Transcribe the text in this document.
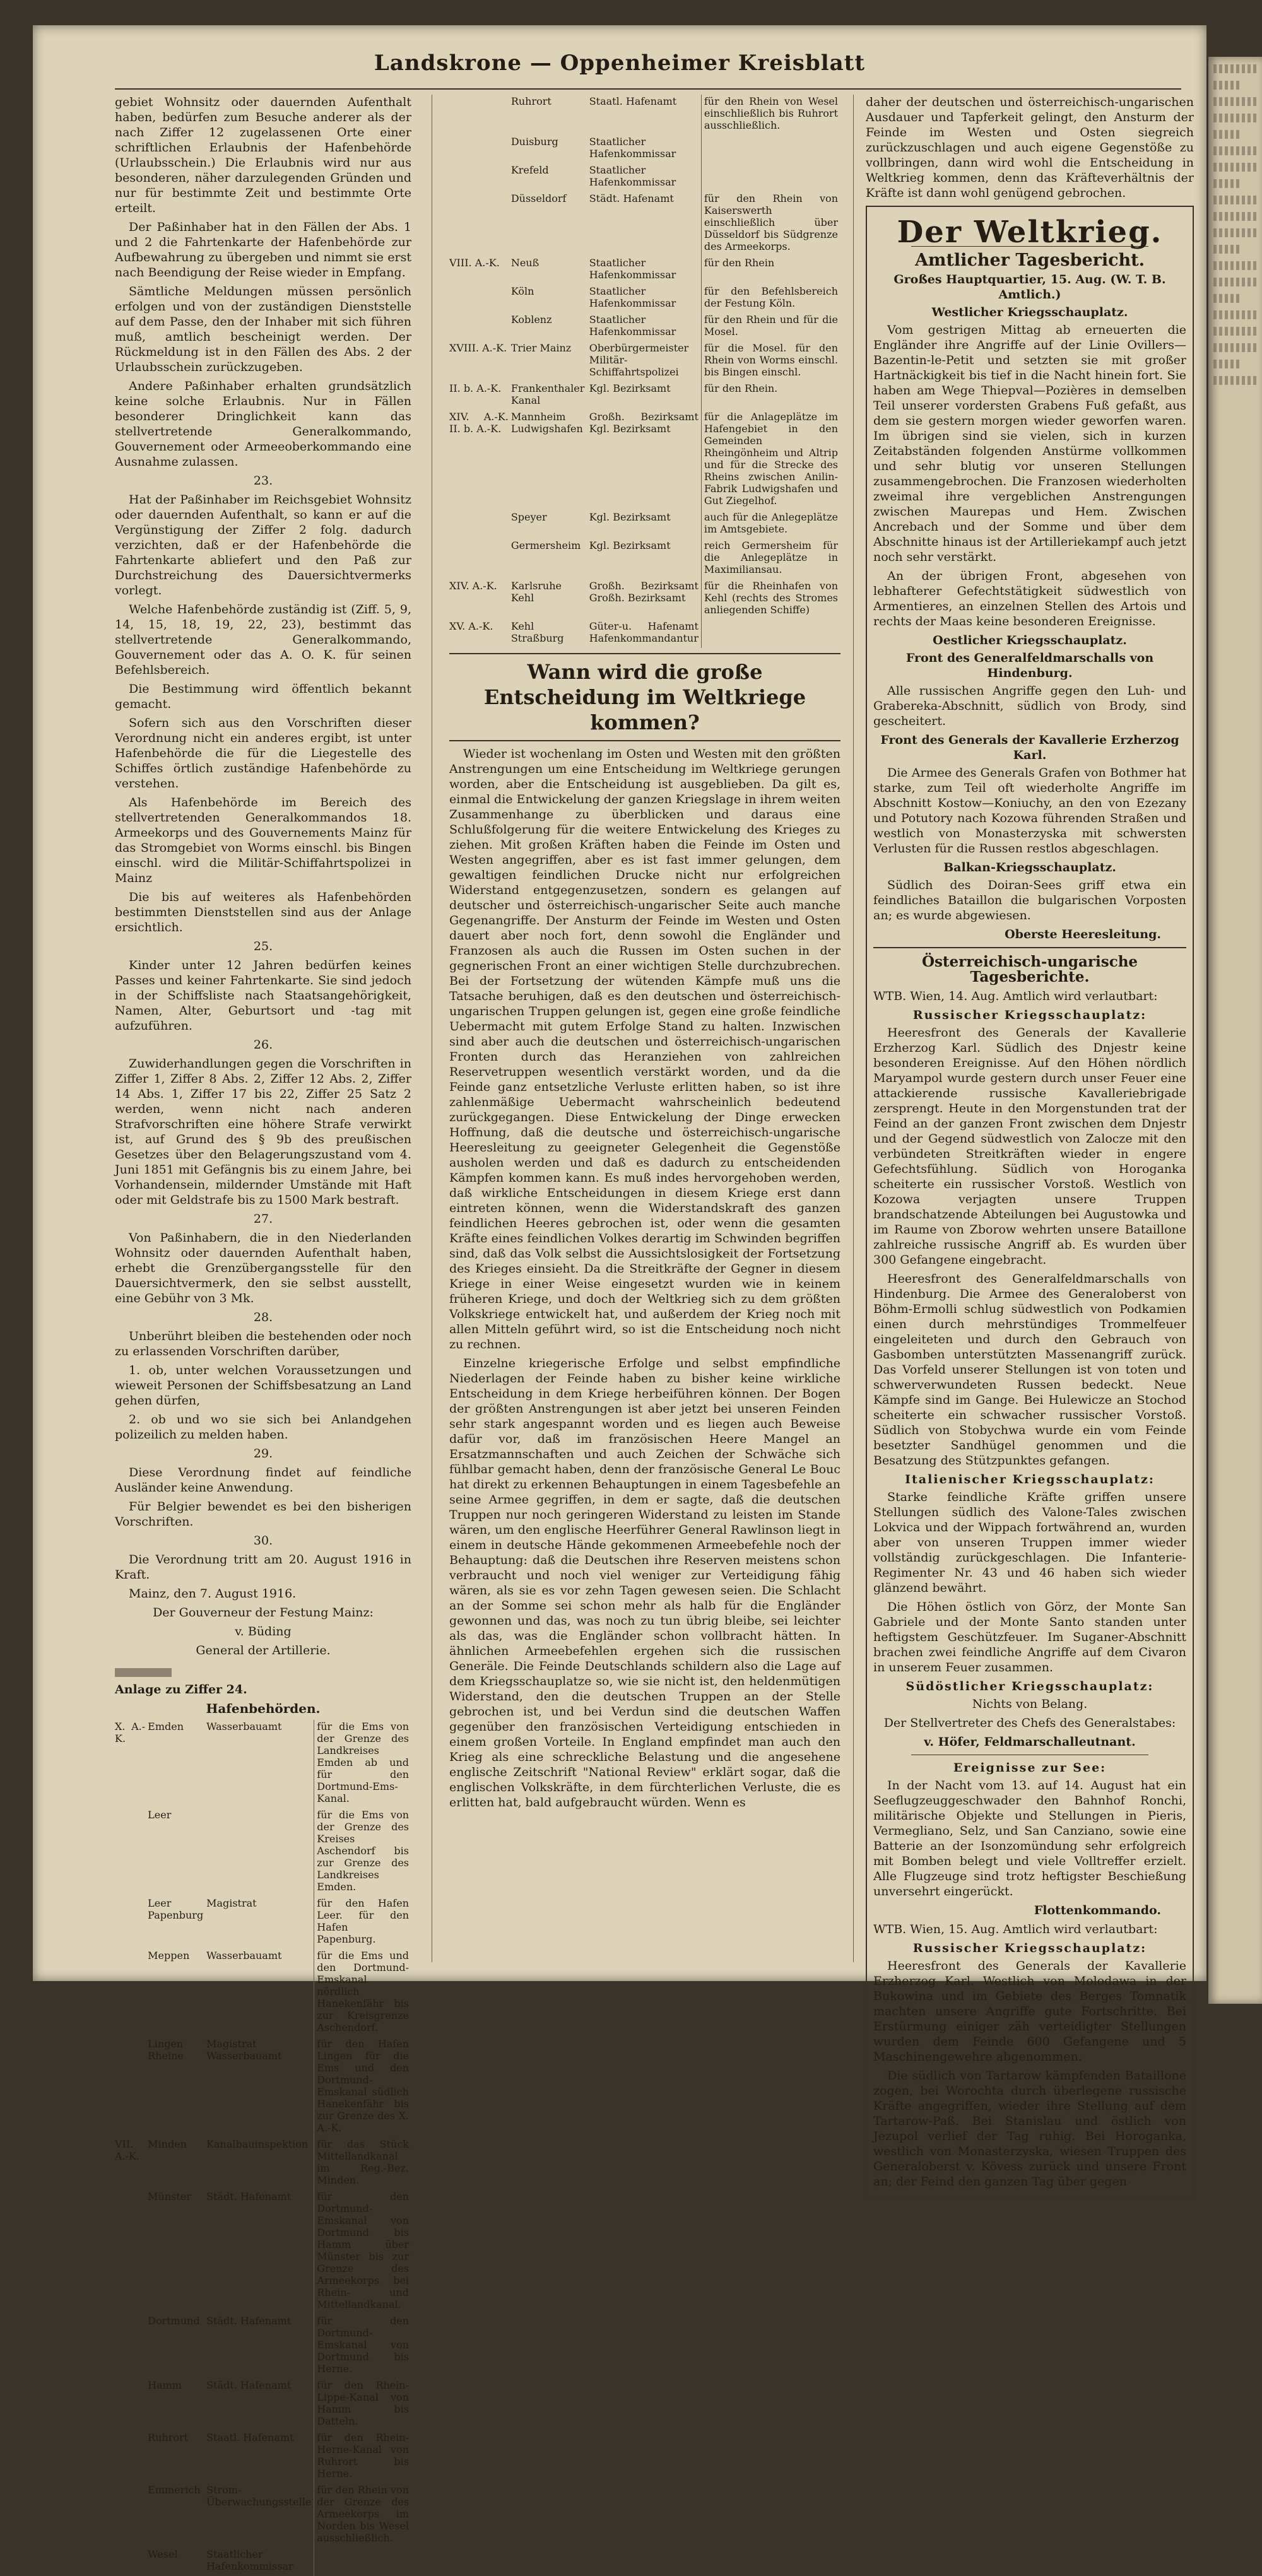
Landskrone — Oppenheimer Kreisblatt

gebiet Wohnsitz oder dauernden Aufenthalt haben, bedürfen zum Besuche anderer als der nach Ziffer 12 zugelassenen Orte einer schriftlichen Erlaubnis der Hafenbehörde (Urlaubsschein.) Die Erlaubnis wird nur aus besonderen, näher darzulegenden Gründen und nur für bestimmte Zeit und bestimmte Orte erteilt.

Der Paßinhaber hat in den Fällen der Abs. 1 und 2 die Fahrtenkarte der Hafenbehörde zur Aufbewahrung zu übergeben und nimmt sie erst nach Beendigung der Reise wieder in Empfang.

Sämtliche Meldungen müssen persönlich erfolgen und von der zuständigen Dienststelle auf dem Passe, den der Inhaber mit sich führen muß, amtlich bescheinigt werden. Der Rückmeldung ist in den Fällen des Abs. 2 der Urlaubsschein zurückzugeben.

Andere Paßinhaber erhalten grundsätzlich keine solche Erlaubnis. Nur in Fällen besonderer Dringlichkeit kann das stellvertretende Generalkommando, Gouvernement oder Armeeoberkommando eine Ausnahme zulassen.

23.

Hat der Paßinhaber im Reichsgebiet Wohnsitz oder dauernden Aufenthalt, so kann er auf die Vergünstigung der Ziffer 2 folg. dadurch verzichten, daß er der Hafenbehörde die Fahrtenkarte abliefert und den Paß zur Durchstreichung des Dauersichtvermerks vorlegt.

Welche Hafenbehörde zuständig ist (Ziff. 5, 9, 14, 15, 18, 19, 22, 23), bestimmt das stellvertretende Generalkommando, Gouvernement oder das A. O. K. für seinen Befehlsbereich.

Die Bestimmung wird öffentlich bekannt gemacht.

Sofern sich aus den Vorschriften dieser Verordnung nicht ein anderes ergibt, ist unter Hafenbehörde die für die Liegestelle des Schiffes örtlich zuständige Hafenbehörde zu verstehen.

Als Hafenbehörde im Bereich des stellvertretenden Generalkommandos 18. Armeekorps und des Gouvernements Mainz für das Stromgebiet von Worms einschl. bis Bingen einschl. wird die Militär-Schiffahrtspolizei in Mainz

Die bis auf weiteres als Hafenbehörden bestimmten Dienststellen sind aus der Anlage ersichtlich.

25.

Kinder unter 12 Jahren bedürfen keines Passes und keiner Fahrtenkarte. Sie sind jedoch in der Schiffsliste nach Staatsangehörigkeit, Namen, Alter, Geburtsort und -tag mit aufzuführen.

26.

Zuwiderhandlungen gegen die Vorschriften in Ziffer 1, Ziffer 8 Abs. 2, Ziffer 12 Abs. 2, Ziffer 14 Abs. 1, Ziffer 17 bis 22, Ziffer 25 Satz 2 werden, wenn nicht nach anderen Strafvorschriften eine höhere Strafe verwirkt ist, auf Grund des § 9b des preußischen Gesetzes über den Belagerungszustand vom 4. Juni 1851 mit Gefängnis bis zu einem Jahre, bei Vorhandensein, mildernder Umstände mit Haft oder mit Geldstrafe bis zu 1500 Mark bestraft.

27.

Von Paßinhabern, die in den Niederlanden Wohnsitz oder dauernden Aufenthalt haben, erhebt die Grenzübergangsstelle für den Dauersichtvermerk, den sie selbst ausstellt, eine Gebühr von 3 Mk.

28.

Unberührt bleiben die bestehenden oder noch zu erlassenden Vorschriften darüber,

1. ob, unter welchen Voraussetzungen und wieweit Personen der Schiffsbesatzung an Land gehen dürfen,

2. ob und wo sie sich bei Anlandgehen polizeilich zu melden haben.

29.

Diese Verordnung findet auf feindliche Ausländer keine Anwendung.

Für Belgier bewendet es bei den bisherigen Vorschriften.

30.

Die Verordnung tritt am 20. August 1916 in Kraft.

Mainz, den 7. August 1916.

Der Gouverneur der Festung Mainz:

v. Büding

General der Artillerie.

Anlage zu Ziffer 24.
Hafenbehörden.
X. A.-K.	Emden	Wasserbauamt	für die Ems von der Grenze des Landkreises Emden ab und für den Dortmund-Ems-Kanal.
	Leer		für die Ems von der Grenze des Kreises Aschendorf bis zur Grenze des Landkreises Emden.
	Leer Papenburg	Magistrat	für den Hafen Leer. für den Hafen Papenburg.
	Meppen	Wasserbauamt	für die Ems und den Dortmund-Emskanal nördlich Hanekenfähr bis zur Kreisgrenze Aschendorf.
	Lingen Rheine	Magistrat Wasserbauamt	für den Hafen Lingen für die Ems und den Dortmund-Emskanal südlich Hanekenfähr bis zur Grenze des X. A.-K.
VII. A.-K.	Minden	Kanalbauinspektion	für das Stück Mittellandkanal im Reg.-Bez. Minden.
	Münster	Städt. Hafenamt	für den Dortmund-Emskanal von Dortmund bis Hamm über Münster bis zur Grenze des Armeekorps bei Rhein- und Mittellandkanal.
	Dortmund	Städt. Hafenamt	für den Dortmund-Emskanal von Dortmund bis Herne.
	Hamm	Städt. Hafenamt	für den Rhein-Lippe-Kanal von Hamm bis Datteln.
	Ruhrort	Staatl. Hafenamt	für den Rhein-Herne-Kanal von Ruhrort bis Herne.
	Emmerich	Strom-Überwachungsstelle	für den Rhein von der Grenze des Armeekorps im Norden bis Wesel ausschließlich.
	Wesel	Staatlicher Hafenkommissar	
	Ruhrort	Staatl. Hafenamt	für den Rhein von Wesel einschließlich bis Ruhrort ausschließlich.
	Duisburg	Staatlicher Hafenkommissar	
	Krefeld	Staatlicher Hafenkommissar	
	Düsseldorf	Städt. Hafenamt	für den Rhein von Kaiserswerth einschließlich über Düsseldorf bis Südgrenze des Armeekorps.
VIII. A.-K.	Neuß	Staatlicher Hafenkommissar	für den Rhein
	Köln	Staatlicher Hafenkommissar	für den Befehlsbereich der Festung Köln.
	Koblenz	Staatlicher Hafenkommissar	für den Rhein und für die Mosel.
XVIII. A.-K.	Trier Mainz	Oberbürgermeister Militär-Schiffahrtspolizei	für die Mosel. für den Rhein von Worms einschl. bis Bingen einschl.
II. b. A.-K.	Frankenthaler Kanal	Kgl. Bezirksamt	für den Rhein.
XIV. A.-K. II. b. A.-K.	Mannheim Ludwigshafen	Großh. Bezirksamt Kgl. Bezirksamt	für die Anlageplätze im Hafengebiet in den Gemeinden Rheingönheim und Altrip und für die Strecke des Rheins zwischen Anilin-Fabrik Ludwigshafen und Gut Ziegelhof.
	Speyer	Kgl. Bezirksamt	auch für die Anlegeplätze im Amtsgebiete.
	Germersheim	Kgl. Bezirksamt	reich Germersheim für die Anlegeplätze in Maximiliansau.
XIV. A.-K.	Karlsruhe Kehl	Großh. Bezirksamt Großh. Bezirksamt	für die Rheinhafen von Kehl (rechts des Stromes anliegenden Schiffe)
XV. A.-K.	Kehl Straßburg	Güter-u. Hafenamt Hafenkommandantur	
Wann wird die große Entscheidung im Weltkriege kommen?

Wieder ist wochenlang im Osten und Westen mit den größten Anstrengungen um eine Entscheidung im Weltkriege gerungen worden, aber die Entscheidung ist ausgeblieben. Da gilt es, einmal die Entwickelung der ganzen Kriegslage in ihrem weiten Zusammenhange zu überblicken und daraus eine Schlußfolgerung für die weitere Entwickelung des Krieges zu ziehen. Mit großen Kräften haben die Feinde im Osten und Westen angegriffen, aber es ist fast immer gelungen, dem gewaltigen feindlichen Drucke nicht nur erfolgreichen Widerstand entgegenzusetzen, sondern es gelangen auf deutscher und österreichisch-ungarischer Seite auch manche Gegenangriffe. Der Ansturm der Feinde im Westen und Osten dauert aber noch fort, denn sowohl die Engländer und Franzosen als auch die Russen im Osten suchen in der gegnerischen Front an einer wichtigen Stelle durchzubrechen. Bei der Fortsetzung der wütenden Kämpfe muß uns die Tatsache beruhigen, daß es den deutschen und österreichisch-ungarischen Truppen gelungen ist, gegen eine große feindliche Uebermacht mit gutem Erfolge Stand zu halten. Inzwischen sind aber auch die deutschen und österreichisch-ungarischen Fronten durch das Heranziehen von zahlreichen Reservetruppen wesentlich verstärkt worden, und da die Feinde ganz entsetzliche Verluste erlitten haben, so ist ihre zahlenmäßige Uebermacht wahrscheinlich bedeutend zurückgegangen. Diese Entwickelung der Dinge erwecken Hoffnung, daß die deutsche und österreichisch-ungarische Heeresleitung zu geeigneter Gelegenheit die Gegenstöße ausholen werden und daß es dadurch zu entscheidenden Kämpfen kommen kann. Es muß indes hervorgehoben werden, daß wirkliche Entscheidungen in diesem Kriege erst dann eintreten können, wenn die Widerstandskraft des ganzen feindlichen Heeres gebrochen ist, oder wenn die gesamten Kräfte eines feindlichen Volkes derartig im Schwinden begriffen sind, daß das Volk selbst die Aussichtslosigkeit der Fortsetzung des Krieges einsieht. Da die Streitkräfte der Gegner in diesem Kriege in einer Weise eingesetzt wurden wie in keinem früheren Kriege, und doch der Weltkrieg sich zu dem größten Volkskriege entwickelt hat, und außerdem der Krieg noch mit allen Mitteln geführt wird, so ist die Entscheidung noch nicht zu rechnen.

Einzelne kriegerische Erfolge und selbst empfindliche Niederlagen der Feinde haben zu bisher keine wirkliche Entscheidung in dem Kriege herbeiführen können. Der Bogen der größten Anstrengungen ist aber jetzt bei unseren Feinden sehr stark angespannt worden und es liegen auch Beweise dafür vor, daß im französischen Heere Mangel an Ersatzmannschaften und auch Zeichen der Schwäche sich fühlbar gemacht haben, denn der französische General Le Bouc hat direkt zu erkennen Behauptungen in einem Tagesbefehle an seine Armee gegriffen, in dem er sagte, daß die deutschen Truppen nur noch geringeren Widerstand zu leisten im Stande wären, um den englische Heerführer General Rawlinson liegt in einem in deutsche Hände gekommenen Armeebefehle noch der Behauptung: daß die Deutschen ihre Reserven meistens schon verbraucht und noch viel weniger zur Verteidigung fähig wären, als sie es vor zehn Tagen gewesen seien. Die Schlacht an der Somme sei schon mehr als halb für die Engländer gewonnen und das, was noch zu tun übrig bleibe, sei leichter als das, was die Engländer schon vollbracht hätten. In ähnlichen Armeebefehlen ergehen sich die russischen Generäle. Die Feinde Deutschlands schildern also die Lage auf dem Kriegsschauplatze so, wie sie nicht ist, den heldenmütigen Widerstand, den die deutschen Truppen an der Stelle gebrochen ist, und bei Verdun sind die deutschen Waffen gegenüber den französischen Verteidigung entschieden in einem großen Vorteile. In England empfindet man auch den Krieg als eine schreckliche Belastung und die angesehene englische Zeitschrift "National Review" erklärt sogar, daß die englischen Volkskräfte, in dem fürchterlichen Verluste, die es erlitten hat, bald aufgebraucht würden. Wenn es

daher der deutschen und österreichisch-ungarischen Ausdauer und Tapferkeit gelingt, den Ansturm der Feinde im Westen und Osten siegreich zurückzuschlagen und auch eigene Gegenstöße zu vollbringen, dann wird wohl die Entscheidung in Weltkrieg kommen, denn das Kräfteverhältnis der Kräfte ist dann wohl genügend gebrochen.

Der Weltkrieg.
Amtlicher Tagesbericht.
Großes Hauptquartier, 15. Aug. (W. T. B. Amtlich.)
Westlicher Kriegsschauplatz.

Vom gestrigen Mittag ab erneuerten die Engländer ihre Angriffe auf der Linie Ovillers—Bazentin-le-Petit und setzten sie mit großer Hartnäckigkeit bis tief in die Nacht hinein fort. Sie haben am Wege Thiepval—Pozières in demselben Teil unserer vordersten Grabens Fuß gefaßt, aus dem sie gestern morgen wieder geworfen waren. Im übrigen sind sie vielen, sich in kurzen Zeitabständen folgenden Anstürme vollkommen und sehr blutig vor unseren Stellungen zusammengebrochen. Die Franzosen wiederholten zweimal ihre vergeblichen Anstrengungen zwischen Maurepas und Hem. Zwischen Ancrebach und der Somme und über dem Abschnitte hinaus ist der Artilleriekampf auch jetzt noch sehr verstärkt.

An der übrigen Front, abgesehen von lebhafterer Gefechtstätigkeit südwestlich von Armentieres, an einzelnen Stellen des Artois und rechts der Maas keine besonderen Ereignisse.

Oestlicher Kriegsschauplatz.
Front des Generalfeldmarschalls von Hindenburg.

Alle russischen Angriffe gegen den Luh- und Grabereka-Abschnitt, südlich von Brody, sind gescheitert.

Front des Generals der Kavallerie Erzherzog Karl.

Die Armee des Generals Grafen von Bothmer hat starke, zum Teil oft wiederholte Angriffe im Abschnitt Kostow—Koniuchy, an den von Ezezany und Potutory nach Kozowa führenden Straßen und westlich von Monasterzyska mit schwersten Verlusten für die Russen restlos abgeschlagen.

Balkan-Kriegsschauplatz.

Südlich des Doiran-Sees griff etwa ein feindliches Bataillon die bulgarischen Vorposten an; es wurde abgewiesen.

Oberste Heeresleitung.

Österreichisch-ungarische Tagesberichte.

WTB. Wien, 14. Aug. Amtlich wird verlautbart:

Russischer Kriegsschauplatz:

Heeresfront des Generals der Kavallerie Erzherzog Karl. Südlich des Dnjestr keine besonderen Ereignisse. Auf den Höhen nördlich Maryampol wurde gestern durch unser Feuer eine attackierende russische Kavalleriebrigade zersprengt. Heute in den Morgenstunden trat der Feind an der ganzen Front zwischen dem Dnjestr und der Gegend südwestlich von Zalocze mit den verbündeten Streitkräften wieder in engere Gefechtsfühlung. Südlich von Horoganka scheiterte ein russischer Vorstoß. Westlich von Kozowa verjagten unsere Truppen brandschatzende Abteilungen bei Augustowka und im Raume von Zborow wehrten unsere Bataillone zahlreiche russische Angriff ab. Es wurden über 300 Gefangene eingebracht.

Heeresfront des Generalfeldmarschalls von Hindenburg. Die Armee des Generaloberst von Böhm-Ermolli schlug südwestlich von Podkamien einen durch mehrstündiges Trommelfeuer eingeleiteten und durch den Gebrauch von Gasbomben unterstützten Massenangriff zurück. Das Vorfeld unserer Stellungen ist von toten und schwerverwundeten Russen bedeckt. Neue Kämpfe sind im Gange. Bei Hulewicze an Stochod scheiterte ein schwacher russischer Vorstoß. Südlich von Stobychwa wurde ein vom Feinde besetzter Sandhügel genommen und die Besatzung des Stützpunktes gefangen.

Italienischer Kriegsschauplatz:

Starke feindliche Kräfte griffen unsere Stellungen südlich des Valone-Tales zwischen Lokvica und der Wippach fortwährend an, wurden aber von unseren Truppen immer wieder vollständig zurückgeschlagen. Die Infanterie-Regimenter Nr. 43 und 46 haben sich wieder glänzend bewährt.

Die Höhen östlich von Görz, der Monte San Gabriele und der Monte Santo standen unter heftigstem Geschützfeuer. Im Suganer-Abschnitt brachen zwei feindliche Angriffe auf dem Civaron in unserem Feuer zusammen.

Südöstlicher Kriegsschauplatz:

Nichts von Belang.

Der Stellvertreter des Chefs des Generalstabes:

v. Höfer, Feldmarschalleutnant.

Ereignisse zur See:

In der Nacht vom 13. auf 14. August hat ein Seeflugzeuggeschwader den Bahnhof Ronchi, militärische Objekte und Stellungen in Pieris, Vermegliano, Selz, und San Canziano, sowie eine Batterie an der Isonzomündung sehr erfolgreich mit Bomben belegt und viele Volltreffer erzielt. Alle Flugzeuge sind trotz heftigster Beschießung unversehrt eingerückt.

Flottenkommando.

WTB. Wien, 15. Aug. Amtlich wird verlautbart:

Russischer Kriegsschauplatz:

Heeresfront des Generals der Kavallerie Erzherzog Karl. Westlich von Molodawa in der Bukowina und im Gebiete des Berges Tomnatik machten unsere Angriffe gute Fortschritte. Bei Erstürmung einiger zäh verteidigter Stellungen wurden dem Feinde 600 Gefangene und 5 Maschinengewehre abgenommen.

Die südlich von Tartarow kämpfenden Bataillone zogen, bei Worochta durch überlegene russische Kräfte angegriffen, wieder ihre Stellung auf dem Tartarow-Paß. Bei Stanislau und östlich von Jezupol verlief der Tag ruhig. Bei Horoganka, westlich von Monasterzyska, wiesen Truppen des Generaloberst v. Kövess zurück und unsere Front an; der Feind den ganzen Tag über gegen
